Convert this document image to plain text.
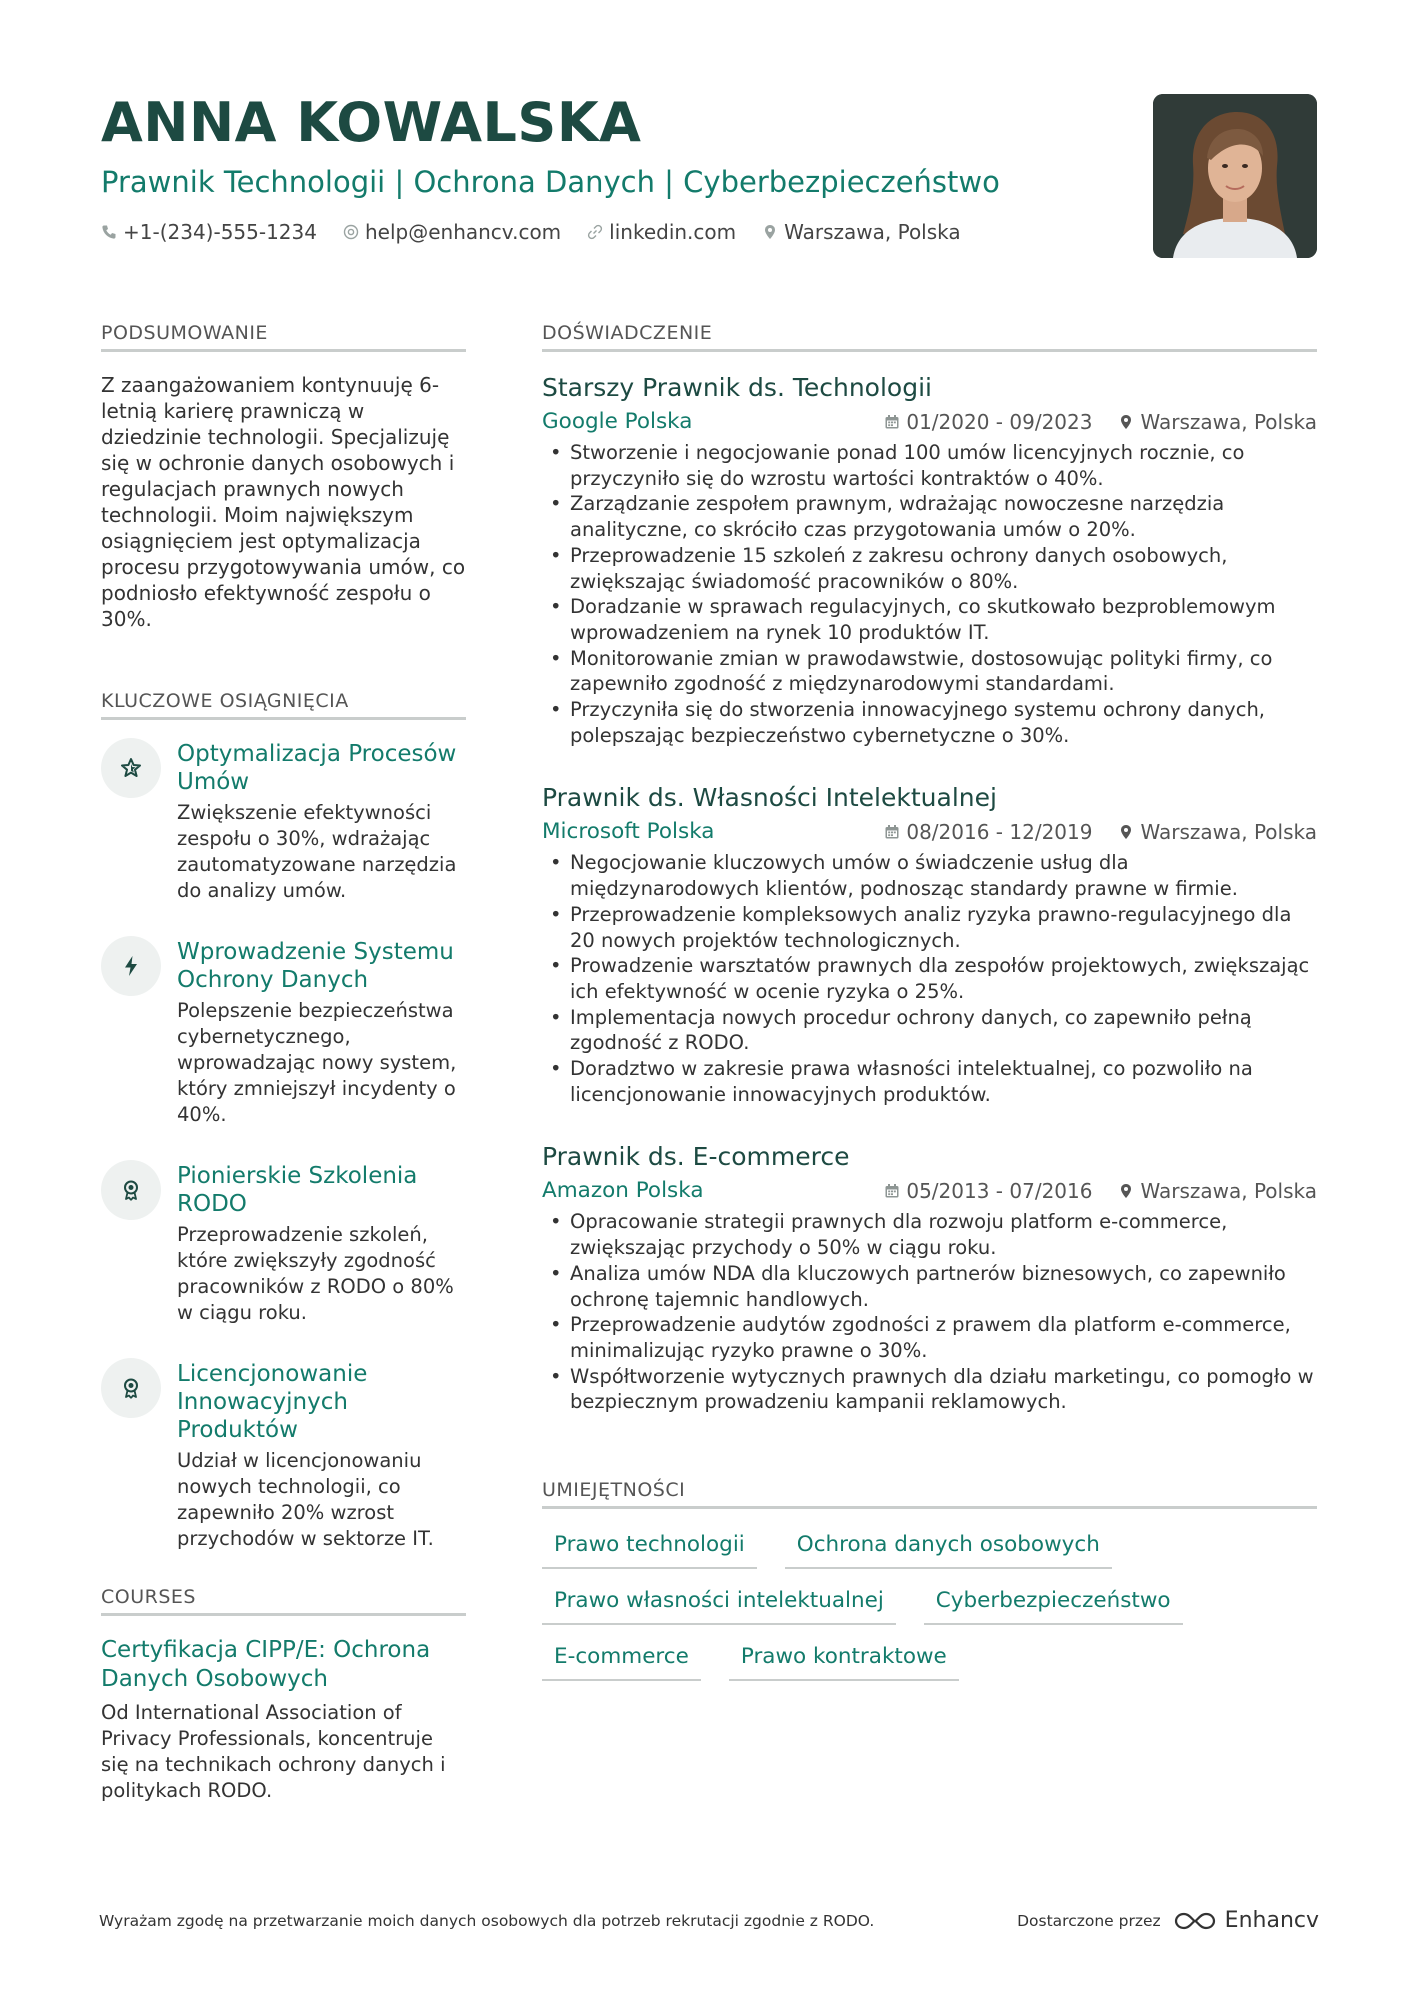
ANNA KOWALSKA
Prawnik Technologii | Ochrona Danych | Cyberbezpieczeństwo
+1-(234)-555-1234 help@enhancv.com linkedin.com Warszawa, Polska
PODSUMOWANIE
Z zaangażowaniem kontynuuję 6-letnią karierę prawniczą w dziedzinie technologii. Specjalizuję się w ochronie danych osobowych i regulacjach prawnych nowych technologii. Moim największym osiągnięciem jest optymalizacja procesu przygotowywania umów, co podniosło efektywność zespołu o 30%.
KLUCZOWE OSIĄGNIĘCIA
Optymalizacja Procesów Umów
Zwiększenie efektywności zespołu o 30%, wdrażając zautomatyzowane narzędzia do analizy umów.
Wprowadzenie Systemu Ochrony Danych
Polepszenie bezpieczeństwa cybernetycznego, wprowadzając nowy system, który zmniejszył incydenty o 40%.
Pionierskie Szkolenia RODO
Przeprowadzenie szkoleń, które zwiększyły zgodność pracowników z RODO o 80% w ciągu roku.
Licencjonowanie Innowacyjnych Produktów
Udział w licencjonowaniu nowych technologii, co zapewniło 20% wzrost przychodów w sektorze IT.
COURSES
Certyfikacja CIPP/E: Ochrona Danych Osobowych
Od International Association of Privacy Professionals, koncentruje się na technikach ochrony danych i politykach RODO.
DOŚWIADCZENIE
Starszy Prawnik ds. Technologii
Google Polska	01/2020 - 09/2023 Warszawa, Polska
• Stworzenie i negocjowanie ponad 100 umów licencyjnych rocznie, co przyczyniło się do wzrostu wartości kontraktów o 40%.
• Zarządzanie zespołem prawnym, wdrażając nowoczesne narzędzia analityczne, co skróciło czas przygotowania umów o 20%.
• Przeprowadzenie 15 szkoleń z zakresu ochrony danych osobowych, zwiększając świadomość pracowników o 80%.
• Doradzanie w sprawach regulacyjnych, co skutkowało bezproblemowym wprowadzeniem na rynek 10 produktów IT.
• Monitorowanie zmian w prawodawstwie, dostosowując polityki firmy, co zapewniło zgodność z międzynarodowymi standardami.
• Przyczyniła się do stworzenia innowacyjnego systemu ochrony danych, polepszając bezpieczeństwo cybernetyczne o 30%.
Prawnik ds. Własności Intelektualnej
Microsoft Polska	08/2016 - 12/2019 Warszawa, Polska
• Negocjowanie kluczowych umów o świadczenie usług dla międzynarodowych klientów, podnosząc standardy prawne w firmie.
• Przeprowadzenie kompleksowych analiz ryzyka prawno-regulacyjnego dla 20 nowych projektów technologicznych.
• Prowadzenie warsztatów prawnych dla zespołów projektowych, zwiększając ich efektywność w ocenie ryzyka o 25%.
• Implementacja nowych procedur ochrony danych, co zapewniło pełną zgodność z RODO.
• Doradztwo w zakresie prawa własności intelektualnej, co pozwoliło na licencjonowanie innowacyjnych produktów.
Prawnik ds. E-commerce
Amazon Polska	05/2013 - 07/2016 Warszawa, Polska
• Opracowanie strategii prawnych dla rozwoju platform e-commerce, zwiększając przychody o 50% w ciągu roku.
• Analiza umów NDA dla kluczowych partnerów biznesowych, co zapewniło ochronę tajemnic handlowych.
• Przeprowadzenie audytów zgodności z prawem dla platform e-commerce, minimalizując ryzyko prawne o 30%.
• Współtworzenie wytycznych prawnych dla działu marketingu, co pomogło w bezpiecznym prowadzeniu kampanii reklamowych.
UMIEJĘTNOŚCI
Prawo technologii	Ochrona danych osobowych
Prawo własności intelektualnej	Cyberbezpieczeństwo
E-commerce	Prawo kontraktowe
Wyrażam zgodę na przetwarzanie moich danych osobowych dla potrzeb rekrutacji zgodnie z RODO.	Dostarczone przez	Enhancv
